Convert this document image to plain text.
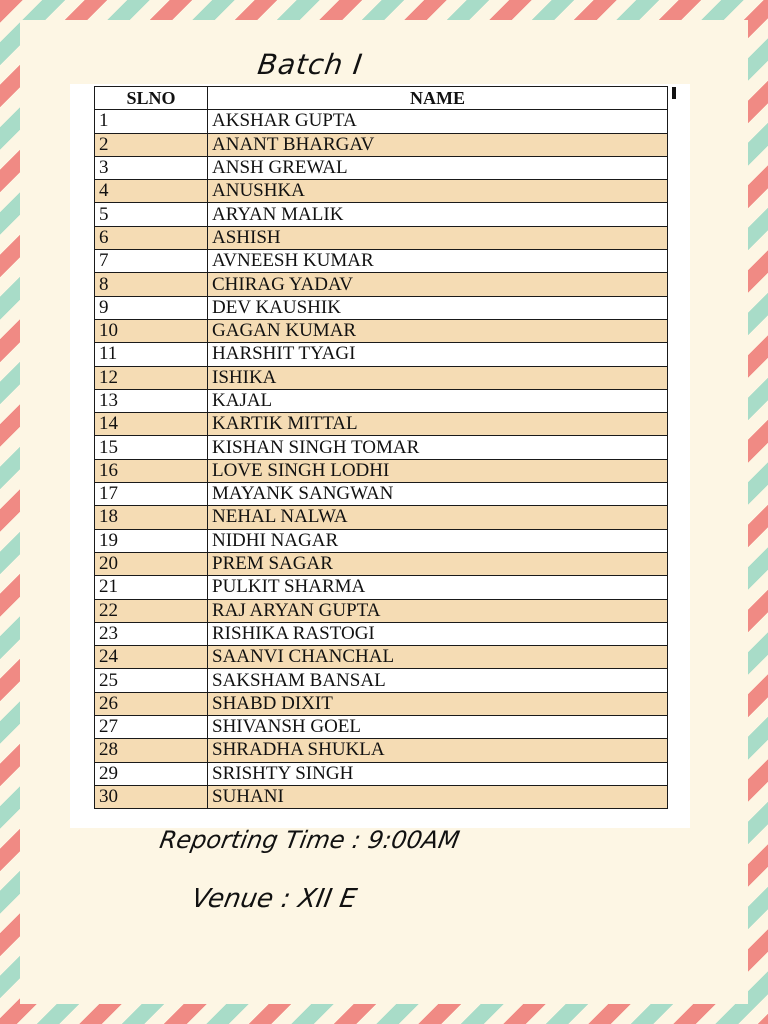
Batch I
SLNO	NAME
1	AKSHAR GUPTA
2	ANANT BHARGAV
3	ANSH GREWAL
4	ANUSHKA
5	ARYAN MALIK
6	ASHISH
7	AVNEESH KUMAR
8	CHIRAG YADAV
9	DEV KAUSHIK
10	GAGAN KUMAR
11	HARSHIT TYAGI
12	ISHIKA
13	KAJAL
14	KARTIK MITTAL
15	KISHAN SINGH TOMAR
16	LOVE SINGH LODHI
17	MAYANK SANGWAN
18	NEHAL NALWA
19	NIDHI NAGAR
20	PREM SAGAR
21	PULKIT SHARMA
22	RAJ ARYAN GUPTA
23	RISHIKA RASTOGI
24	SAANVI CHANCHAL
25	SAKSHAM BANSAL
26	SHABD DIXIT
27	SHIVANSH GOEL
28	SHRADHA SHUKLA
29	SRISHTY SINGH
30	SUHANI
Reporting Time : 9:00AM
Venue : XII E
